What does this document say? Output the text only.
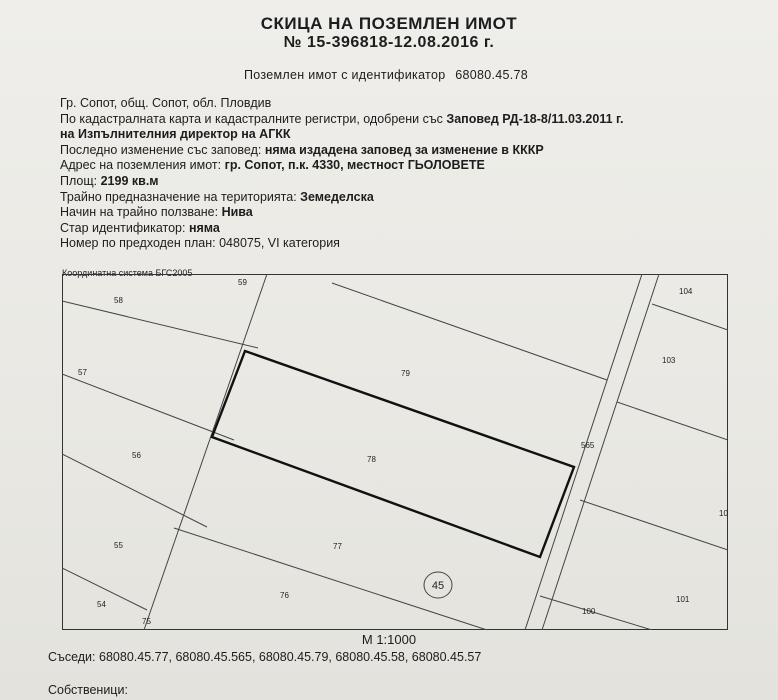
СКИЦА НА ПОЗЕМЛЕН ИМОТ
№ 15-396818-12.08.2016 г.
Поземлен имот с идентификатор 68080.45.78
Гр. Сопот, общ. Сопот, обл. Пловдив
По кадастралната карта и кадастралните регистри, одобрени със Заповед РД-18-8/11.03.2011 г.
на Изпълнителния директор на АГКК
Последно изменение със заповед: няма издадена заповед за изменение в КККР
Адрес на поземления имот: гр. Сопот, п.к. 4330, местност ГЬОЛОВЕТЕ
Площ: 2199 кв.м
Трайно предназначение на територията: Земеделска
Начин на трайно ползване: Нива
Стар идентификатор: няма
Номер по предходен план: 048075, VI категория
Координатна система БГС2005
45
58
59
57
56
55
54
75
79
78
77
76
565
104
103
10
101
100
М 1:1000
Съседи: 68080.45.77, 68080.45.565, 68080.45.79, 68080.45.58, 68080.45.57
Собственици:
